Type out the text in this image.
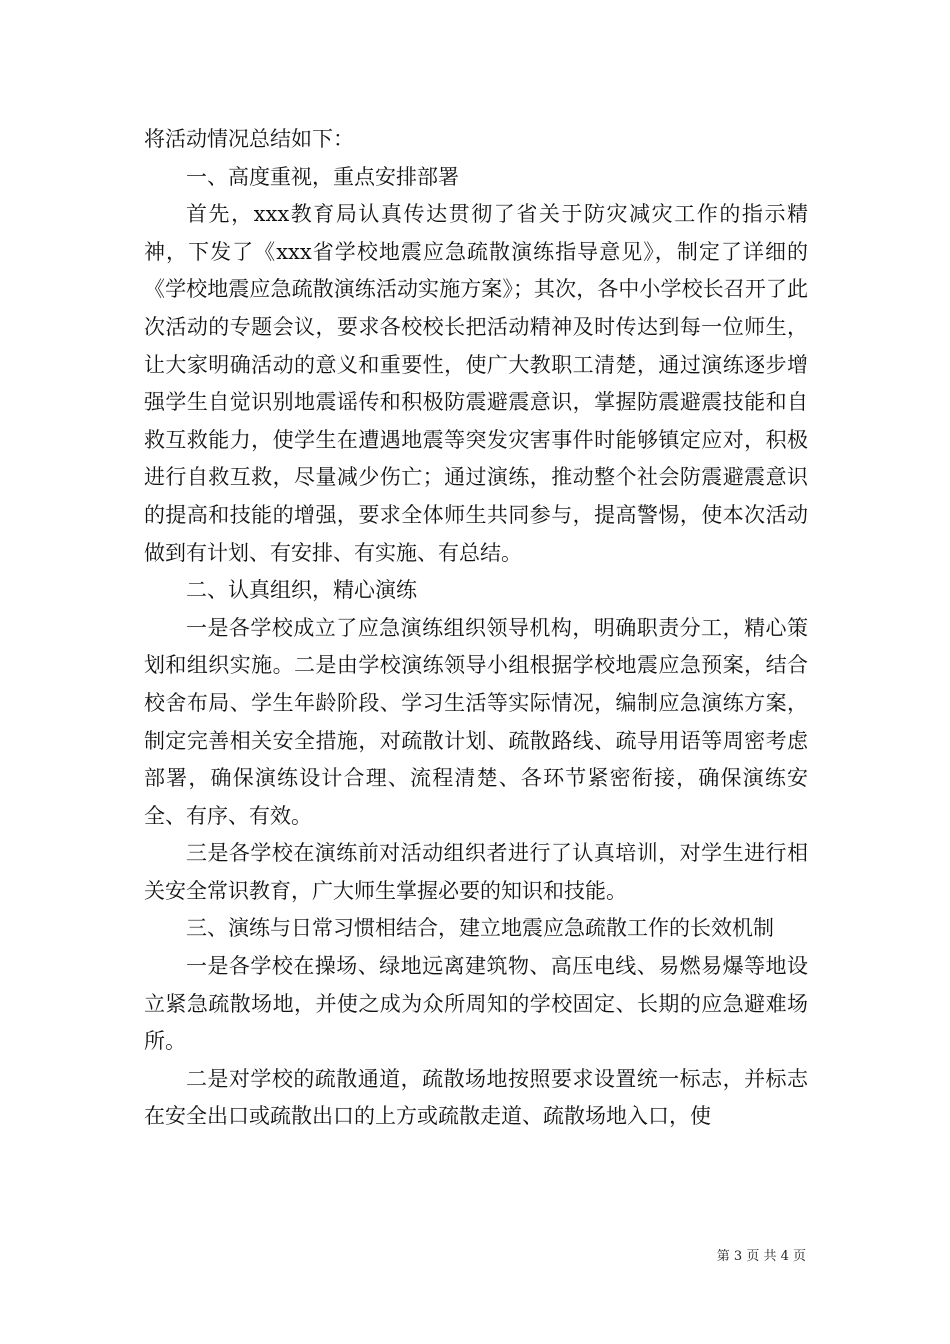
将活动情况总结如下：

一、高度重视，重点安排部署

首先，xxx教育局认真传达贯彻了省关于防灾减灾工作的指示精神，下发了《xxx省学校地震应急疏散演练指导意见》，制定了详细的《学校地震应急疏散演练活动实施方案》；其次，各中小学校长召开了此次活动的专题会议，要求各校校长把活动精神及时传达到每一位师生，让大家明确活动的意义和重要性，使广大教职工清楚，通过演练逐步增强学生自觉识别地震谣传和积极防震避震意识，掌握防震避震技能和自救互救能力，使学生在遭遇地震等突发灾害事件时能够镇定应对，积极进行自救互救，尽量减少伤亡；通过演练，推动整个社会防震避震意识的提高和技能的增强，要求全体师生共同参与，提高警惕，使本次活动做到有计划、有安排、有实施、有总结。

二、认真组织，精心演练

一是各学校成立了应急演练组织领导机构，明确职责分工，精心策划和组织实施。二是由学校演练领导小组根据学校地震应急预案，结合校舍布局、学生年龄阶段、学习生活等实际情况，编制应急演练方案，制定完善相关安全措施，对疏散计划、疏散路线、疏导用语等周密考虑部署，确保演练设计合理、流程清楚、各环节紧密衔接，确保演练安全、有序、有效。

三是各学校在演练前对活动组织者进行了认真培训，对学生进行相关安全常识教育，广大师生掌握必要的知识和技能。

三、演练与日常习惯相结合，建立地震应急疏散工作的长效机制

一是各学校在操场、绿地远离建筑物、高压电线、易燃易爆等地设立紧急疏散场地，并使之成为众所周知的学校固定、长期的应急避难场所。

二是对学校的疏散通道，疏散场地按照要求设置统一标志，并标志在安全出口或疏散出口的上方或疏散走道、疏散场地入口，使

第 3 页 共 4 页
